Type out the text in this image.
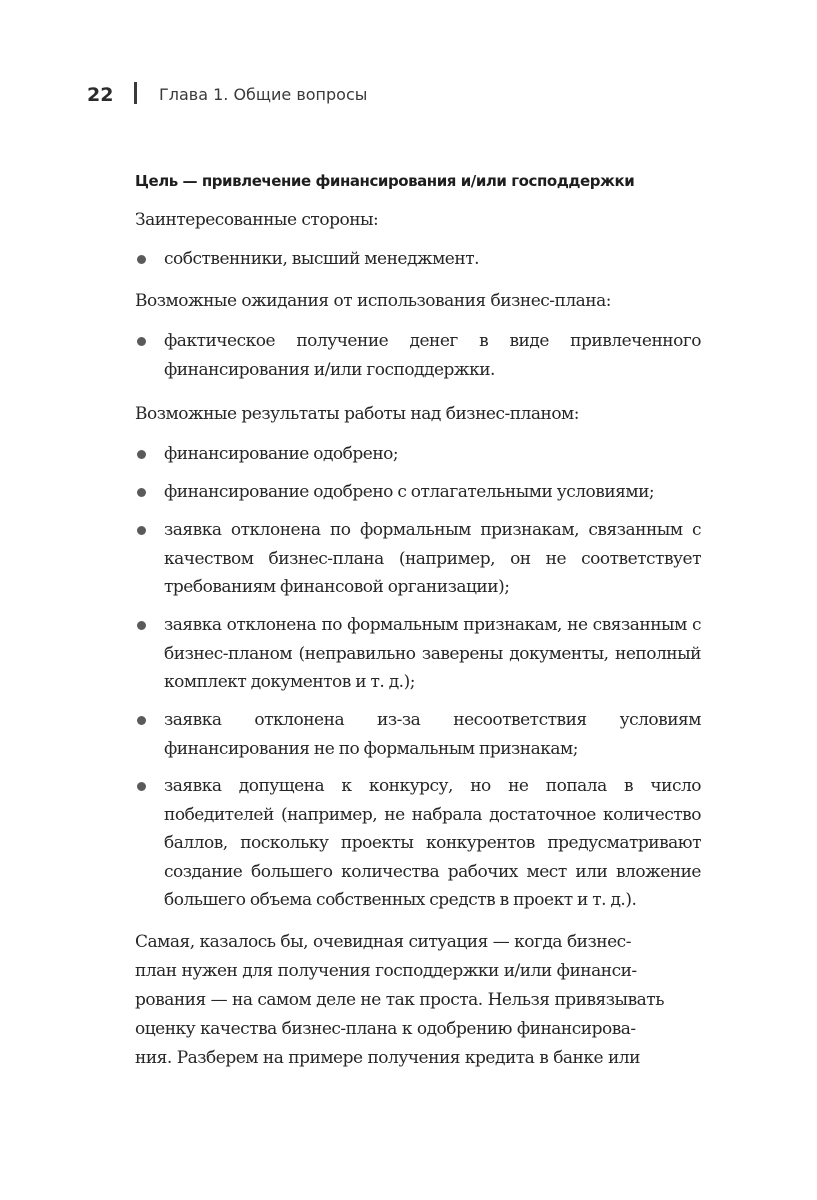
22	Глава 1. Общие вопросы
Цель — привлечение финансирования и/или господдержки
Заинтересованные стороны:
собственники, высший менеджмент.
Возможные ожидания от использования бизнес-плана:
фактическое получение денег в виде привлеченного финансирования и/или господдержки.
Возможные результаты работы над бизнес-планом:
финансирование одобрено;
финансирование одобрено с отлагательными условиями;
заявка отклонена по формальным признакам, связанным с качеством бизнес-плана (например, он не соответствует требованиям финансовой организации);
заявка отклонена по формальным признакам, не связанным с бизнес-планом (неправильно заверены документы, неполный комплект документов и т. д.);
заявка отклонена из-за несоответствия условиям финансирования не по формальным признакам;
заявка допущена к конкурсу, но не попала в число победителей (например, не набрала достаточное количество баллов, поскольку проекты конкурентов предусматривают создание большего количества рабочих мест или вложение большего объема собственных средств в проект и т. д.).
Самая, казалось бы, очевидная ситуация — когда бизнес-
план нужен для получения господдержки и/или финанси-
рования — на самом деле не так проста. Нельзя привязывать
оценку качества бизнес-плана к одобрению финансирова-
ния. Разберем на примере получения кредита в банке или
